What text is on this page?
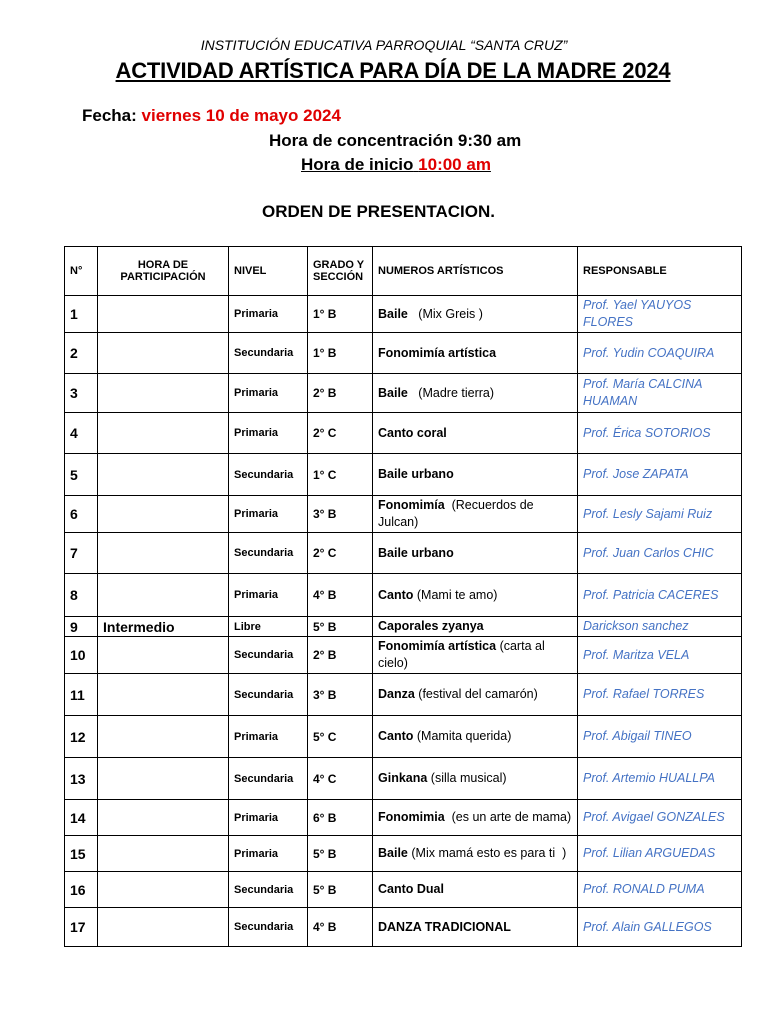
INSTITUCIÓN EDUCATIVA PARROQUIAL “SANTA CRUZ”
ACTIVIDAD ARTÍSTICA PARA DÍA DE LA MADRE 2024
Fecha: viernes 10 de mayo 2024
Hora de concentración 9:30 am
Hora de inicio 10:00 am
ORDEN DE PRESENTACION.
N°	HORA DE PARTICIPACIÓN	NIVEL	GRADO Y SECCIÓN	NUMEROS ARTÍSTICOS	RESPONSABLE
1		Primaria	1° B	Baile   (Mix Greis )	Prof. Yael YAUYOS FLORES
2		Secundaria	1° B	Fonomimía artística	Prof. Yudin COAQUIRA
3		Primaria	2° B	Baile   (Madre tierra)	Prof. María CALCINA HUAMAN
4		Primaria	2° C	Canto coral	Prof. Érica SOTORIOS
5		Secundaria	1° C	Baile urbano	Prof. Jose ZAPATA
6		Primaria	3° B	Fonomimía  (Recuerdos de Julcan)	Prof. Lesly Sajami Ruiz
7		Secundaria	2° C	Baile urbano	Prof. Juan Carlos CHIC
8		Primaria	4° B	Canto (Mami te amo)	Prof. Patricia CACERES
9	Intermedio	Libre	5° B	Caporales zyanya	Darickson sanchez
10		Secundaria	2° B	Fonomimía artística (carta al cielo)	Prof. Maritza VELA
11		Secundaria	3° B	Danza (festival del camarón)	Prof. Rafael TORRES
12		Primaria	5° C	Canto (Mamita querida)	Prof. Abigail TINEO
13		Secundaria	4° C	Ginkana (silla musical)	Prof. Artemio HUALLPA
14		Primaria	6° B	Fonomimia  (es un arte de mama)	Prof. Avigael GONZALES
15		Primaria	5° B	Baile (Mix mamá esto es para ti  )	Prof. Lilian ARGUEDAS
16		Secundaria	5° B	Canto Dual	Prof. RONALD PUMA
17		Secundaria	4° B	DANZA TRADICIONAL	Prof. Alain GALLEGOS
